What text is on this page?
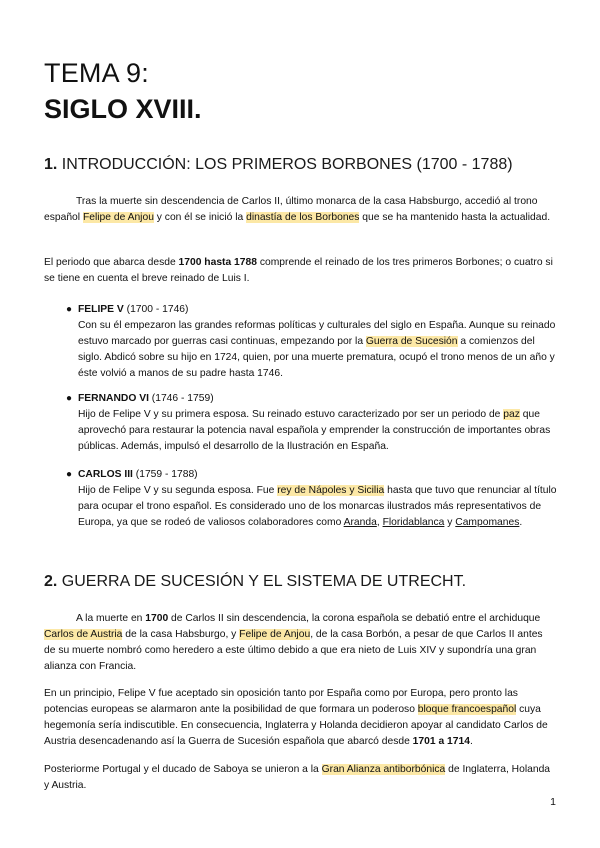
TEMA 9:
SIGLO XVIII.
1. INTRODUCCIÓN: LOS PRIMEROS BORBONES (1700 - 1788)

Tras la muerte sin descendencia de Carlos II, último monarca de la casa Habsburgo, accedió al trono español Felipe de Anjou y con él se inició la dinastía de los Borbones que se ha mantenido hasta la actualidad.

El periodo que abarca desde 1700 hasta 1788 comprende el reinado de los tres primeros Borbones; o cuatro si se tiene en cuenta el breve reinado de Luis I.

● FELIPE V (1700 - 1746)
Con su él empezaron las grandes reformas políticas y culturales del siglo en España. Aunque su reinado estuvo marcado por guerras casi continuas, empezando por la Guerra de Sucesión a comienzos del siglo. Abdicó sobre su hijo en 1724, quien, por una muerte prematura, ocupó el trono menos de un año y éste volvió a manos de su padre hasta 1746.

● FERNANDO VI (1746 - 1759)
Hijo de Felipe V y su primera esposa. Su reinado estuvo caracterizado por ser un periodo de paz que aprovechó para restaurar la potencia naval española y emprender la construcción de importantes obras públicas. Además, impulsó el desarrollo de la Ilustración en España.

● CARLOS III (1759 - 1788)
Hijo de Felipe V y su segunda esposa. Fue rey de Nápoles y Sicilia hasta que tuvo que renunciar al título para ocupar el trono español. Es considerado uno de los monarcas ilustrados más representativos de Europa, ya que se rodeó de valiosos colaboradores como Aranda, Floridablanca y Campomanes.

2. GUERRA DE SUCESIÓN Y EL SISTEMA DE UTRECHT.

A la muerte en 1700 de Carlos II sin descendencia, la corona española se debatió entre el archiduque Carlos de Austria de la casa Habsburgo, y Felipe de Anjou, de la casa Borbón, a pesar de que Carlos II antes de su muerte nombró como heredero a este último debido a que era nieto de Luis XIV y supondría una gran alianza con Francia.

En un principio, Felipe V fue aceptado sin oposición tanto por España como por Europa, pero pronto las potencias europeas se alarmaron ante la posibilidad de que formara un poderoso bloque francoespañol cuya hegemonía sería indiscutible. En consecuencia, Inglaterra y Holanda decidieron apoyar al candidato Carlos de Austria desencadenando así la Guerra de Sucesión española que abarcó desde 1701 a 1714.

Posteriorme Portugal y el ducado de Saboya se unieron a la Gran Alianza antiborbónica de Inglaterra, Holanda y Austria.

1
